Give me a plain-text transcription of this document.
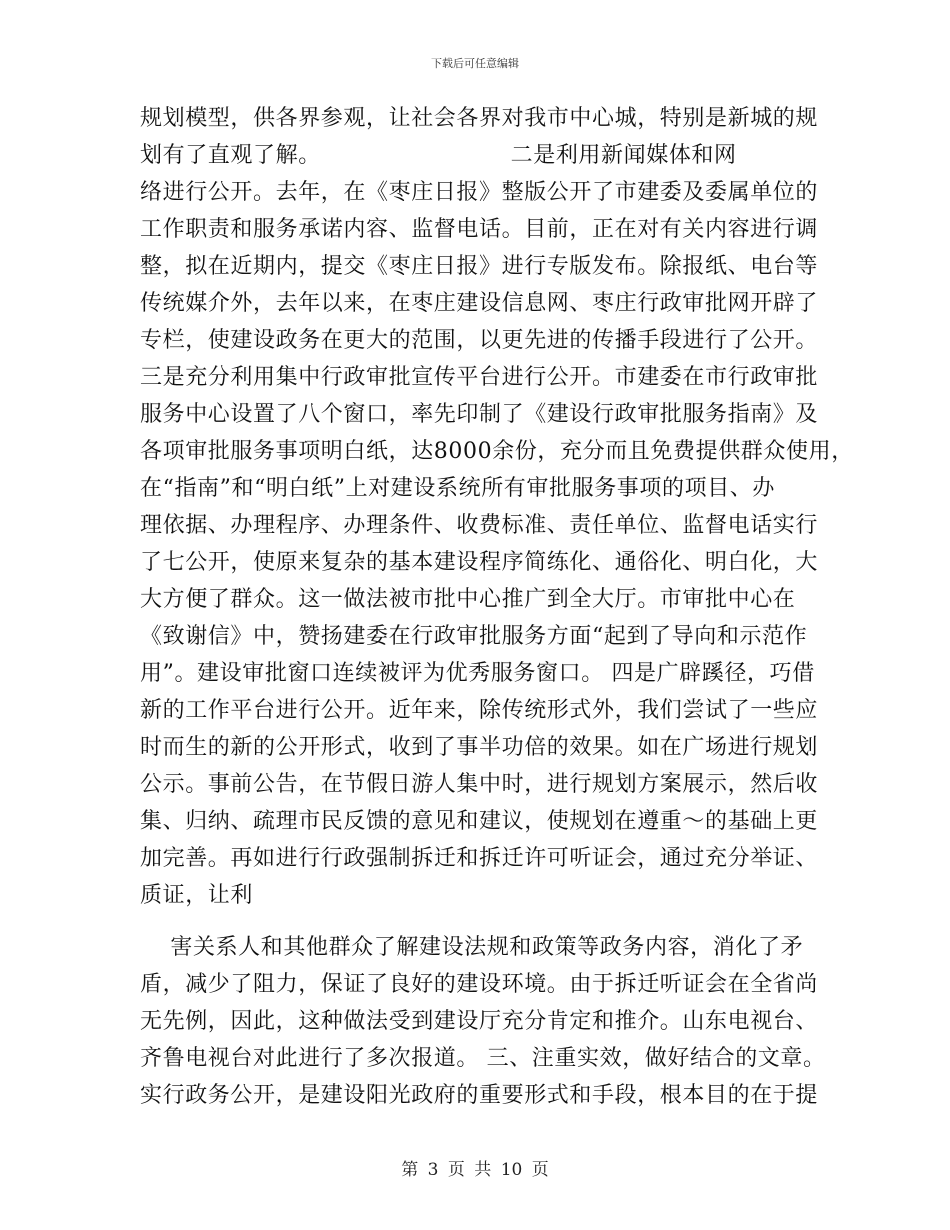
下载后可任意编辑
规划模型，供各界参观，让社会各界对我市中心城，特别是新城的规
划有了直观了解。                         二是利用新闻媒体和网
络进行公开。去年，在《枣庄日报》整版公开了市建委及委属单位的
工作职责和服务承诺内容、监督电话。目前，正在对有关内容进行调
整，拟在近期内，提交《枣庄日报》进行专版发布。除报纸、电台等
传统媒介外，去年以来，在枣庄建设信息网、枣庄行政审批网开辟了
专栏，使建设政务在更大的范围，以更先进的传播手段进行了公开。
三是充分利用集中行政审批宣传平台进行公开。市建委在市行政审批
服务中心设置了八个窗口，率先印制了《建设行政审批服务指南》及
各项审批服务事项明白纸，达8000余份，充分而且免费提供群众使用，
在“指南”和“明白纸”上对建设系统所有审批服务事项的项目、办
理依据、办理程序、办理条件、收费标准、责任单位、监督电话实行
了七公开，使原来复杂的基本建设程序简练化、通俗化、明白化，大
大方便了群众。这一做法被市批中心推广到全大厅。市审批中心在
《致谢信》中，赞扬建委在行政审批服务方面“起到了导向和示范作
用”。建设审批窗口连续被评为优秀服务窗口。 四是广辟蹊径，巧借
新的工作平台进行公开。近年来，除传统形式外，我们尝试了一些应
时而生的新的公开形式，收到了事半功倍的效果。如在广场进行规划
公示。事前公告，在节假日游人集中时，进行规划方案展示，然后收
集、归纳、疏理市民反馈的意见和建议，使规划在遵重～的基础上更
加完善。再如进行行政强制拆迁和拆迁许可听证会，通过充分举证、
质证，让利
害关系人和其他群众了解建设法规和政策等政务内容，消化了矛
盾，减少了阻力，保证了良好的建设环境。由于拆迁听证会在全省尚
无先例，因此，这种做法受到建设厅充分肯定和推介。山东电视台、
齐鲁电视台对此进行了多次报道。 三、注重实效，做好结合的文章。
实行政务公开，是建设阳光政府的重要形式和手段，根本目的在于提
第 3 页 共 10 页
